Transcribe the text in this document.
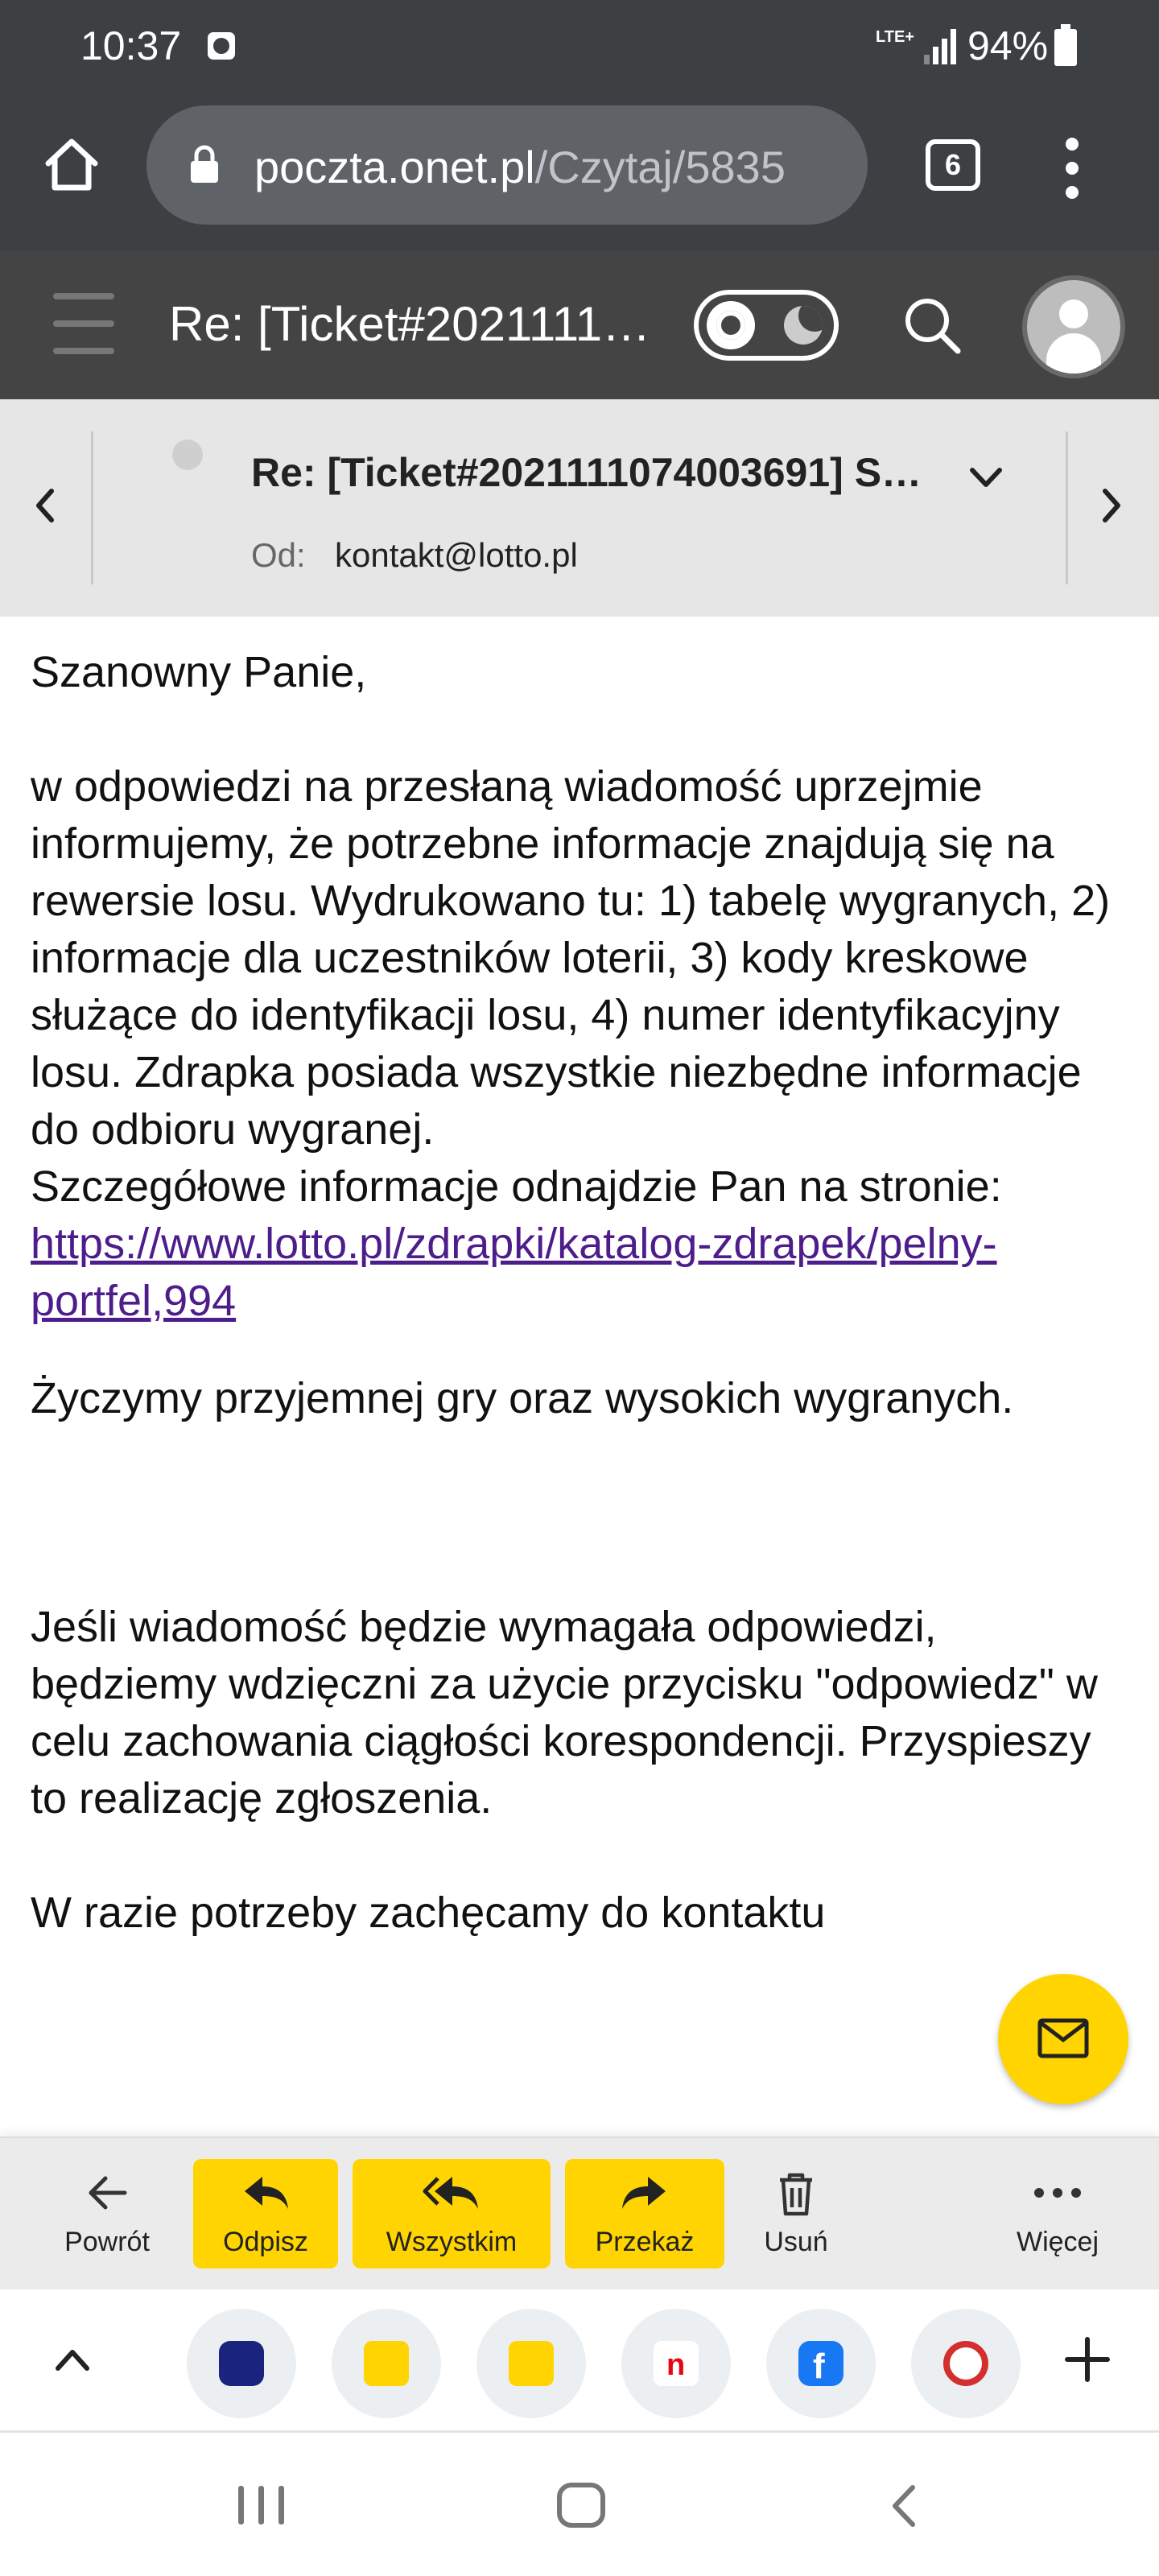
10:37	LTE+ 94%
poczta.onet.pl/Czytaj/5835	6
Re: [Ticket#2021111…
Re: [Ticket#2021111074003691] S…
Od: kontakt@lotto.pl

Szanowny Panie,

w odpowiedzi na przesłaną wiadomość uprzejmie informujemy, że potrzebne informacje znajdują się na rewersie losu. Wydrukowano tu: 1) tabelę wygranych, 2) informacje dla uczestników loterii, 3) kody kreskowe służące do identyfikacji losu, 4) numer identyfikacyjny losu. Zdrapka posiada wszystkie niezbędne informacje do odbioru wygranej.

Szczegółowe informacje odnajdzie Pan na stronie: https://www.lotto.pl/zdrapki/katalog-zdrapek/pelny-portfel,994

Życzymy przyjemnej gry oraz wysokich wygranych.

Jeśli wiadomość będzie wymagała odpowiedzi, będziemy wdzięczni za użycie przycisku "odpowiedz" w celu zachowania ciągłości korespondencji. Przyspieszy to realizację zgłoszenia.

W razie potrzeby zachęcamy do kontaktu

Powrót	Odpisz	Wszystkim	Przekaż	Usuń	Więcej
n	f
